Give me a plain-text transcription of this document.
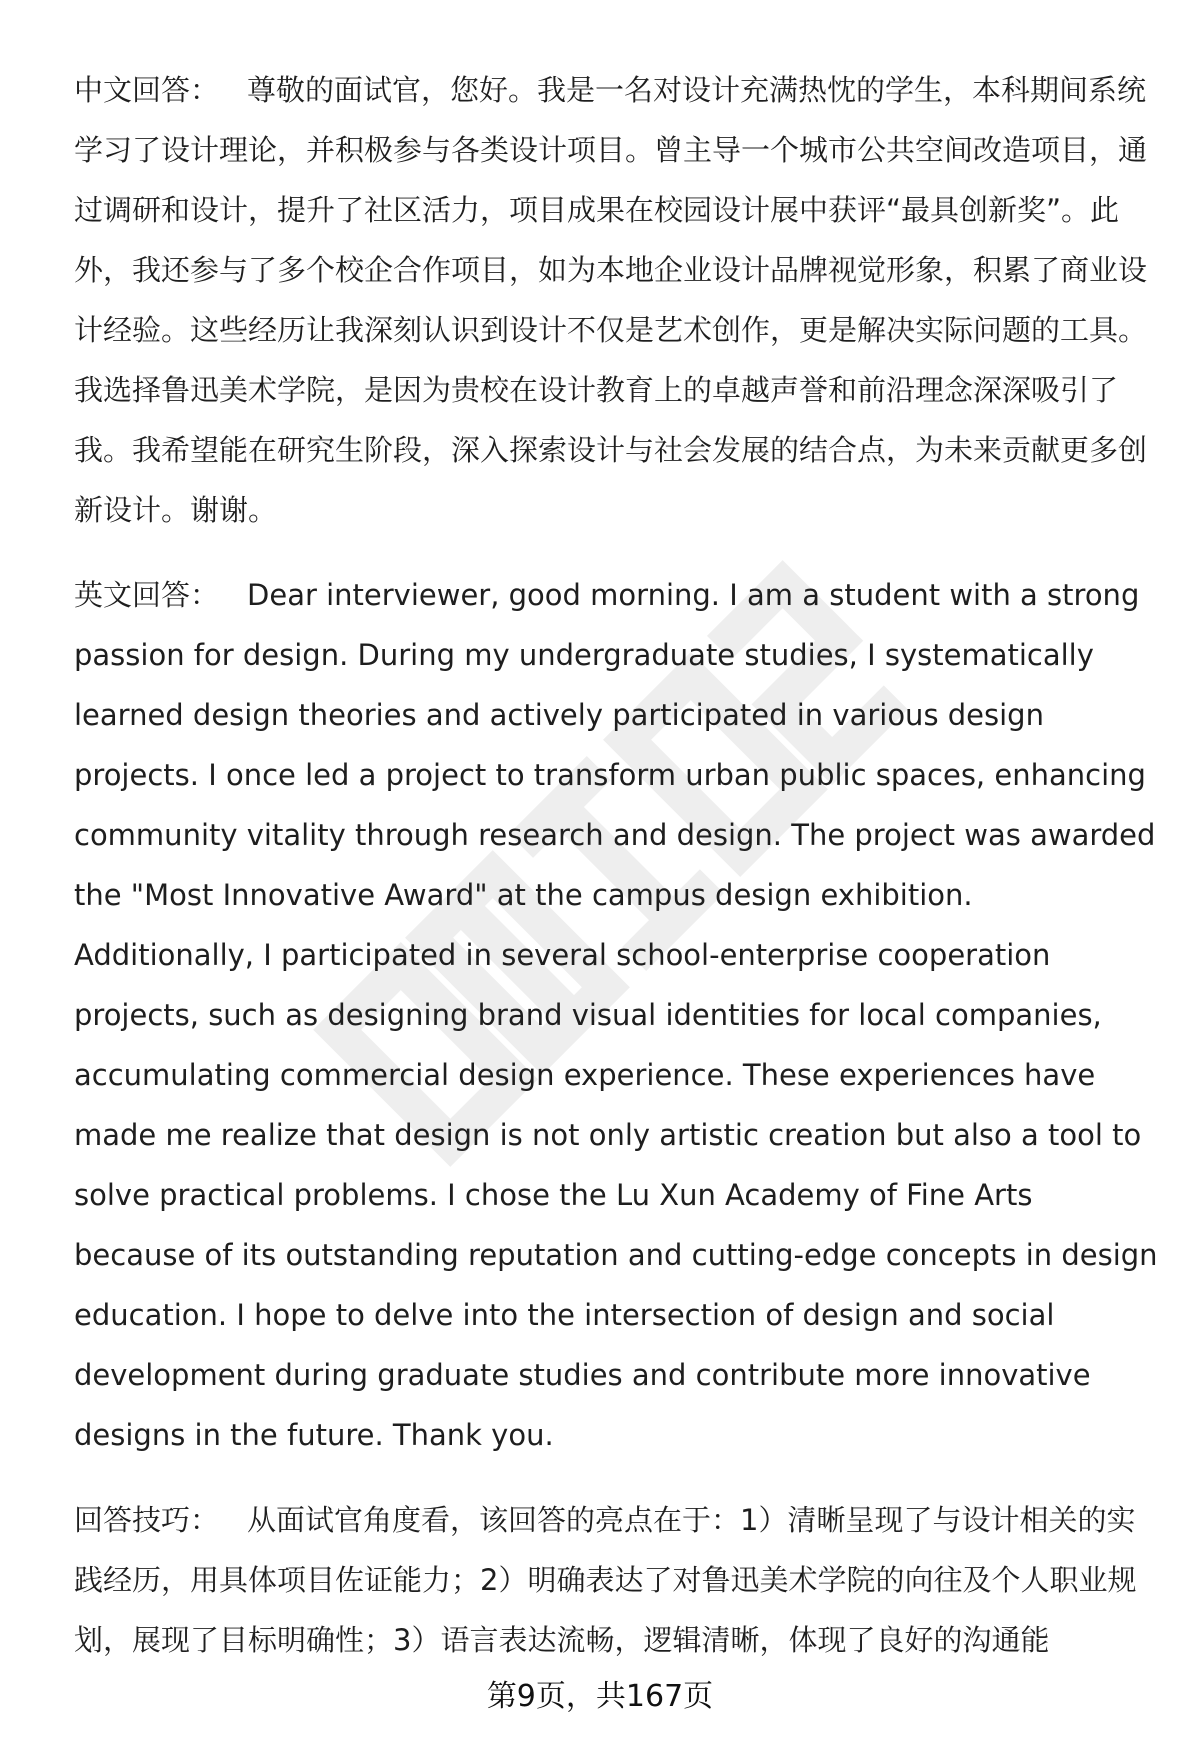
中文回答： 尊敬的面试官，您好。我是一名对设计充满热忱的学生，本科期间系统学习了设计理论，并积极参与各类设计项目。曾主导一个城市公共空间改造项目，通过调研和设计，提升了社区活力，项目成果在校园设计展中获评“最具创新奖”。此外，我还参与了多个校企合作项目，如为本地企业设计品牌视觉形象，积累了商业设计经验。这些经历让我深刻认识到设计不仅是艺术创作，更是解决实际问题的工具。我选择鲁迅美术学院，是因为贵校在设计教育上的卓越声誉和前沿理念深深吸引了我。我希望能在研究生阶段，深入探索设计与社会发展的结合点，为未来贡献更多创新设计。谢谢。

英文回答： Dear interviewer, good morning. I am a student with a strong passion for design. During my undergraduate studies, I systematically learned design theories and actively participated in various design projects. I once led a project to transform urban public spaces, enhancing community vitality through research and design. The project was awarded the "Most Innovative Award" at the campus design exhibition. Additionally, I participated in several school-enterprise cooperation projects, such as designing brand visual identities for local companies, accumulating commercial design experience. These experiences have made me realize that design is not only artistic creation but also a tool to solve practical problems. I chose the Lu Xun Academy of Fine Arts because of its outstanding reputation and cutting-edge concepts in design education. I hope to delve into the intersection of design and social development during graduate studies and contribute more innovative designs in the future. Thank you.

回答技巧： 从面试官角度看，该回答的亮点在于：1）清晰呈现了与设计相关的实践经历，用具体项目佐证能力；2）明确表达了对鲁迅美术学院的向往及个人职业规划，展现了目标明确性；3）语言表达流畅，逻辑清晰，体现了良好的沟通能

第9页，共167页
